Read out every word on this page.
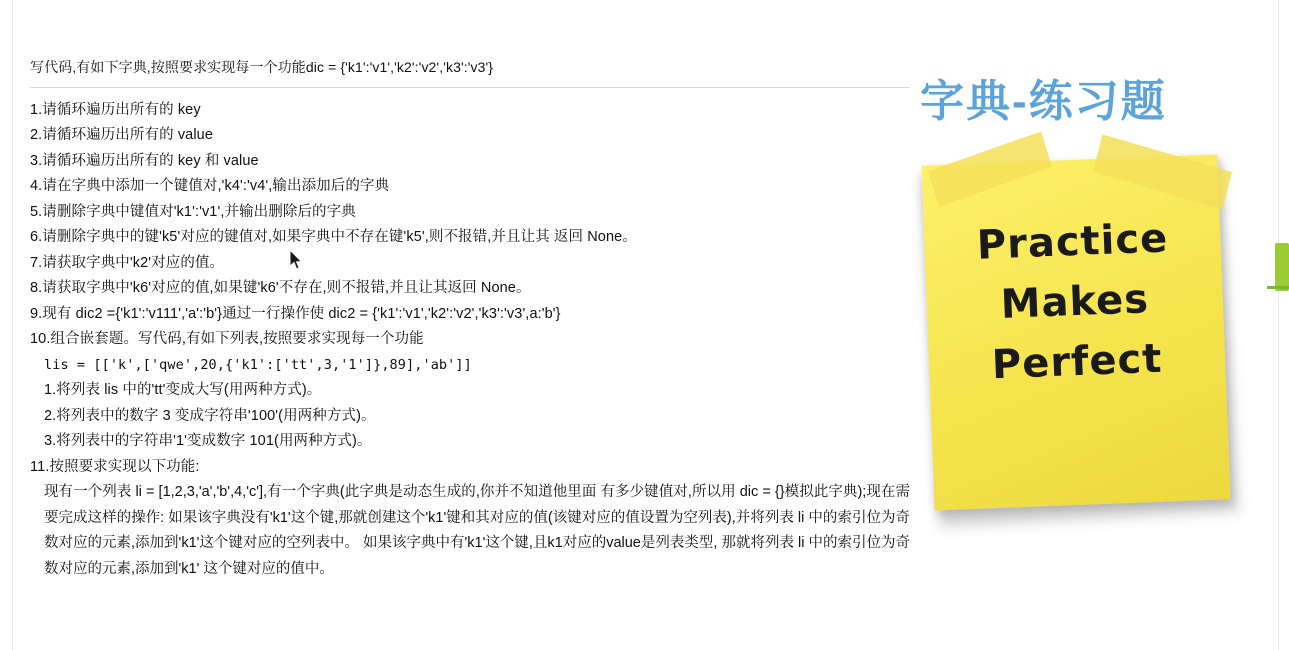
写代码,有如下字典,按照要求实现每一个功能dic = {'k1':'v1','k2':'v2','k3':'v3'}
1.请循环遍历出所有的 key
2.请循环遍历出所有的 value
3.请循环遍历出所有的 key 和 value
4.请在字典中添加一个键值对,'k4':'v4',输出添加后的字典
5.请删除字典中键值对'k1':'v1',并输出删除后的字典
6.请删除字典中的键'k5'对应的键值对,如果字典中不存在键'k5',则不报错,并且让其 返回 None。
7.请获取字典中'k2'对应的值。
8.请获取字典中'k6'对应的值,如果键'k6'不存在,则不报错,并且让其返回 None。
9.现有 dic2 ={'k1':'v111','a':'b'}通过一行操作使 dic2 = {'k1':'v1','k2':'v2','k3':'v3',a:'b'}
10.组合嵌套题。写代码,有如下列表,按照要求实现每一个功能
lis = [['k',['qwe',20,{'k1':['tt',3,'1']},89],'ab']]
1.将列表 lis 中的'tt'变成大写(用两种方式)。
2.将列表中的数字 3 变成字符串'100'(用两种方式)。
3.将列表中的字符串'1'变成数字 101(用两种方式)。
11.按照要求实现以下功能:
现有一个列表 li = [1,2,3,'a','b',4,'c'],有一个字典(此字典是动态生成的,你并不知道他里面 有多少键值对,所以用 dic = {}模拟此字典);现在需要完成这样的操作: 如果该字典没有'k1'这个键,那就创建这个'k1'键和其对应的值(该键对应的值设置为空列表),并将列表 li 中的索引位为奇数对应的元素,添加到'k1'这个键对应的空列表中。 如果该字典中有'k1'这个键,且k1对应的value是列表类型, 那就将列表 li 中的索引位为奇数对应的元素,添加到'k1' 这个键对应的值中。
字典-练习题
Practice
Makes
Perfect
